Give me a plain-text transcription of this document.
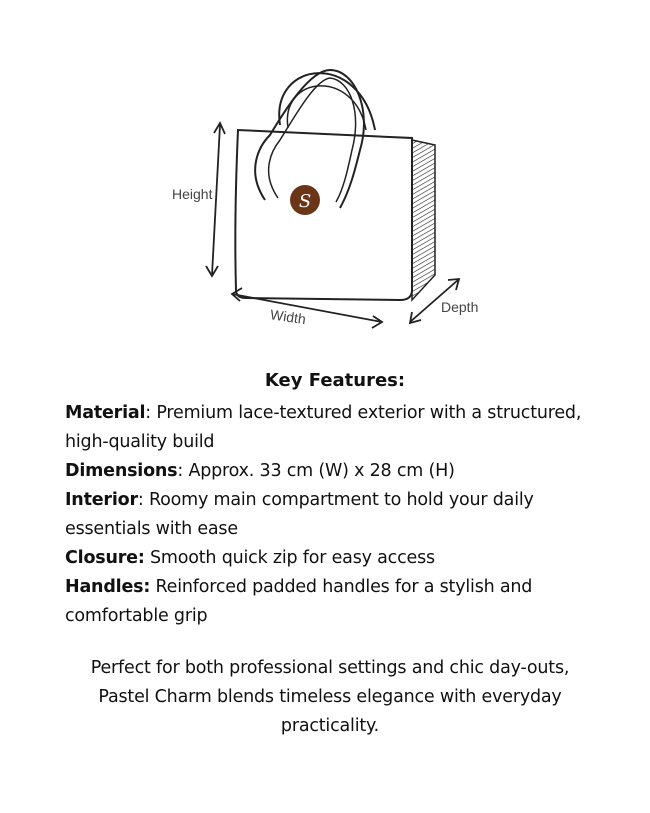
S
Height
Width	Depth

Key Features:

Material: Premium lace-textured exterior with a structured, high-quality build

Dimensions: Approx. 33 cm (W) x 28 cm (H)

Interior: Roomy main compartment to hold your daily essentials with ease

Closure: Smooth quick zip for easy access

Handles: Reinforced padded handles for a stylish and comfortable grip

Perfect for both professional settings and chic day-outs, Pastel Charm blends timeless elegance with everyday practicality.
